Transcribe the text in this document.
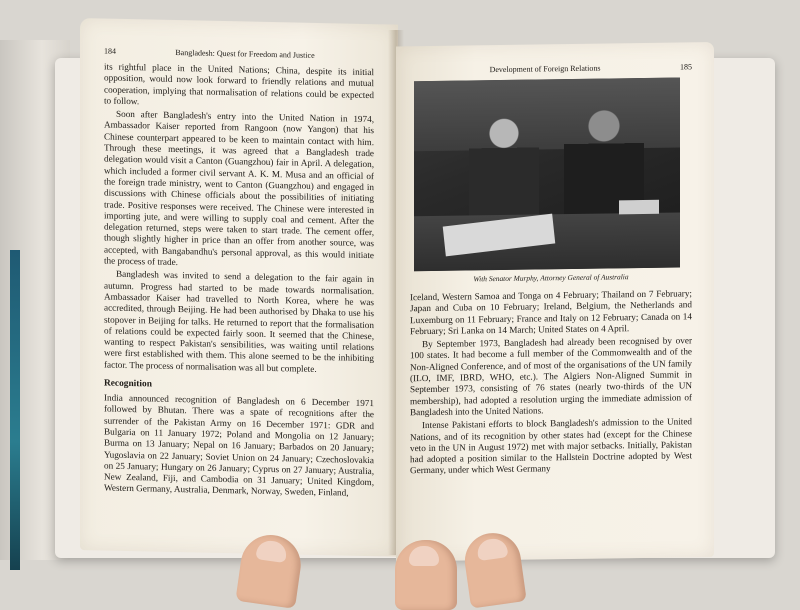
184	Bangladesh: Quest for Freedom and Justice

its rightful place in the United Nations; China, despite its initial opposition, would now look forward to friendly relations and mutual cooperation, implying that normalisation of relations could be expected to follow.

Soon after Bangladesh's entry into the United Nation in 1974, Ambassador Kaiser reported from Rangoon (now Yangon) that his Chinese counterpart appeared to be keen to maintain contact with him. Through these meetings, it was agreed that a Bangladesh trade delegation would visit a Canton (Guangzhou) fair in April. A delegation, which included a former civil servant A. K. M. Musa and an official of the foreign trade ministry, went to Canton (Guangzhou) and engaged in discussions with Chinese officials about the possibilities of initiating trade. Positive responses were received. The Chinese were interested in importing jute, and were willing to supply coal and cement. After the delegation returned, steps were taken to start trade. The cement offer, though slightly higher in price than an offer from another source, was accepted, with Bangabandhu's personal approval, as this would initiate the process of trade.

Bangladesh was invited to send a delegation to the fair again in autumn. Progress had started to be made towards normalisation. Ambassador Kaiser had travelled to North Korea, where he was accredited, through Beijing. He had been authorised by Dhaka to use his stopover in Beijing for talks. He returned to report that the formalisation of relations could be expected fairly soon. It seemed that the Chinese, wanting to respect Pakistan's sensibilities, was waiting until relations were first established with them. This alone seemed to be the inhibiting factor. The process of normalisation was all but complete.

Recognition

India announced recognition of Bangladesh on 6 December 1971 followed by Bhutan. There was a spate of recognitions after the surrender of the Pakistan Army on 16 December 1971: GDR and Bulgaria on 11 January 1972; Poland and Mongolia on 12 January; Burma on 13 January; Nepal on 16 January; Barbados on 20 January; Yugoslavia on 22 January; Soviet Union on 24 January; Czechoslovakia on 25 January; Hungary on 26 January; Cyprus on 27 January; Australia, New Zealand, Fiji, and Cambodia on 31 January; United Kingdom, Western Germany, Australia, Denmark, Norway, Sweden, Finland,

Development of Foreign Relations	185
With Senator Murphy, Attorney General of Australia

Iceland, Western Samoa and Tonga on 4 February; Thailand on 7 February; Japan and Cuba on 10 February; Ireland, Belgium, the Netherlands and Luxemburg on 11 February; France and Italy on 12 February; Canada on 14 February; Sri Lanka on 14 March; United States on 4 April.

By September 1973, Bangladesh had already been recognised by over 100 states. It had become a full member of the Commonwealth and of the Non-Aligned Conference, and of most of the organisations of the UN family (ILO, IMF, IBRD, WHO, etc.). The Algiers Non-Aligned Summit in September 1973, consisting of 76 states (nearly two-thirds of the UN membership), had adopted a resolution urging the immediate admission of Bangladesh into the United Nations.

Intense Pakistani efforts to block Bangladesh's admission to the United Nations, and of its recognition by other states had (except for the Chinese veto in the UN in August 1972) met with major setbacks. Initially, Pakistan had adopted a position similar to the Hallstein Doctrine adopted by West Germany, under which West Germany
